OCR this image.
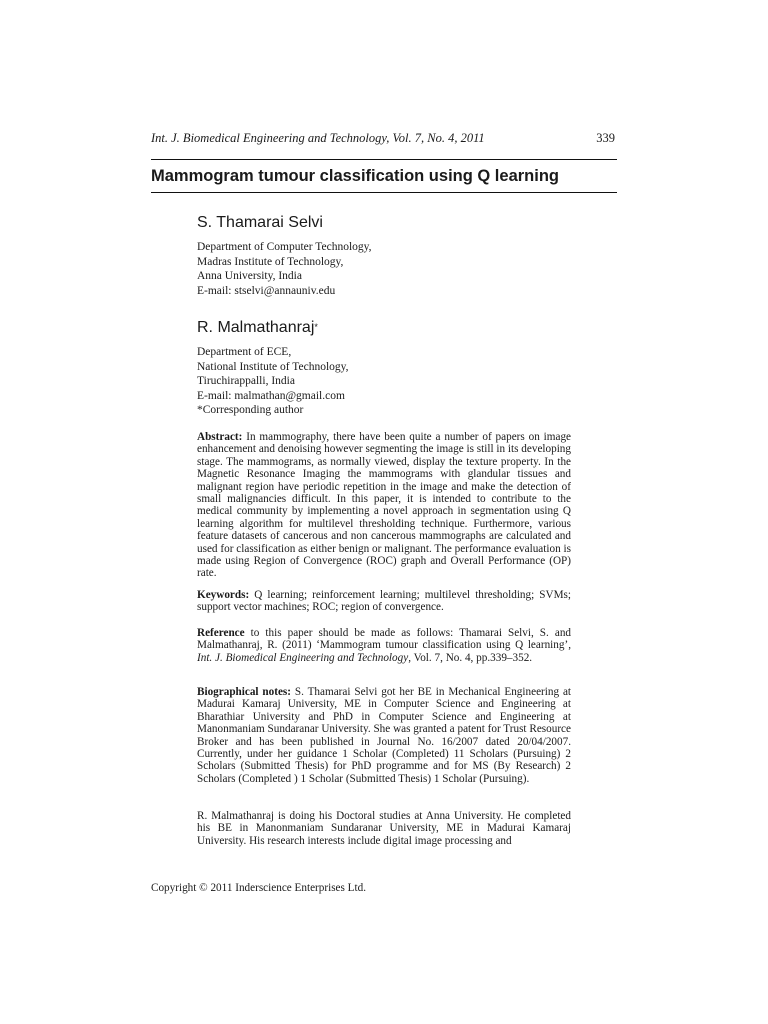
Int. J. Biomedical Engineering and Technology, Vol. 7, No. 4, 2011	339
Mammogram tumour classification using Q learning
S. Thamarai Selvi
Department of Computer Technology,
Madras Institute of Technology,
Anna University, India
E-mail: stselvi@annauniv.edu
R. Malmathanraj*
Department of ECE,
National Institute of Technology,
Tiruchirappalli, India
E-mail: malmathan@gmail.com
*Corresponding author

Abstract: In mammography, there have been quite a number of papers on image enhancement and denoising however segmenting the image is still in its developing stage. The mammograms, as normally viewed, display the texture property. In the Magnetic Resonance Imaging the mammograms with glandular tissues and malignant region have periodic repetition in the image and make the detection of small malignancies difficult. In this paper, it is intended to contribute to the medical community by implementing a novel approach in segmentation using Q learning algorithm for multilevel thresholding technique. Furthermore, various feature datasets of cancerous and non cancerous mammographs are calculated and used for classification as either benign or malignant. The performance evaluation is made using Region of Convergence (ROC) graph and Overall Performance (OP) rate.

Keywords: Q learning; reinforcement learning; multilevel thresholding; SVMs; support vector machines; ROC; region of convergence.

Reference to this paper should be made as follows: Thamarai Selvi, S. and Malmathanraj, R. (2011) ‘Mammogram tumour classification using Q learning’, Int. J. Biomedical Engineering and Technology, Vol. 7, No. 4, pp.339–352.

Biographical notes: S. Thamarai Selvi got her BE in Mechanical Engineering at Madurai Kamaraj University, ME in Computer Science and Engineering at Bharathiar University and PhD in Computer Science and Engineering at Manonmaniam Sundaranar University. She was granted a patent for Trust Resource Broker and has been published in Journal No. 16/2007 dated 20/04/2007. Currently, under her guidance 1 Scholar (Completed) 11 Scholars (Pursuing) 2 Scholars (Submitted Thesis) for PhD programme and for MS (By Research) 2 Scholars (Completed ) 1 Scholar (Submitted Thesis) 1 Scholar (Pursuing).

R. Malmathanraj is doing his Doctoral studies at Anna University. He completed his BE in Manonmaniam Sundaranar University, ME in Madurai Kamaraj University. His research interests include digital image processing and

Copyright © 2011 Inderscience Enterprises Ltd.
